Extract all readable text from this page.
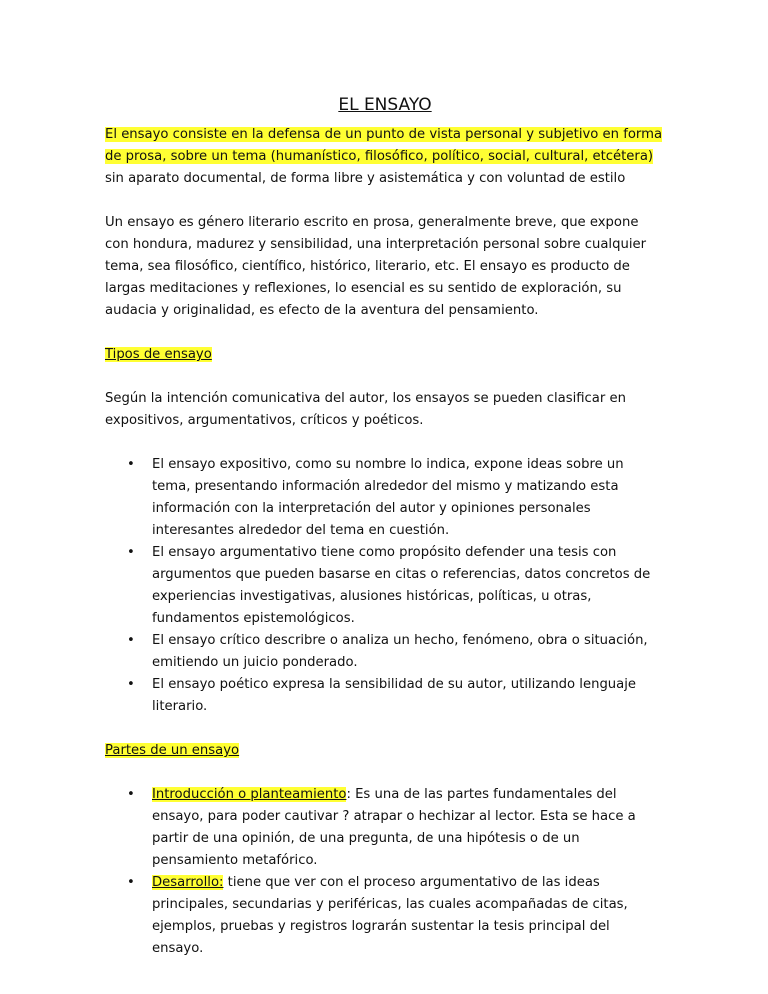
EL ENSAYO

El ensayo consiste en la defensa de un punto de vista personal y subjetivo en forma de prosa, sobre un tema (humanístico, filosófico, político, social, cultural, etcétera) sin aparato documental, de forma libre y asistemática y con voluntad de estilo

Un ensayo es género literario escrito en prosa, generalmente breve, que expone con hondura, madurez y sensibilidad, una interpretación personal sobre cualquier tema, sea filosófico, científico, histórico, literario, etc. El ensayo es producto de largas meditaciones y reflexiones, lo esencial es su sentido de exploración, su audacia y originalidad, es efecto de la aventura del pensamiento.

Tipos de ensayo

Según la intención comunicativa del autor, los ensayos se pueden clasificar en expositivos, argumentativos, críticos y poéticos.

• El ensayo expositivo, como su nombre lo indica, expone ideas sobre un tema, presentando información alrededor del mismo y matizando esta información con la interpretación del autor y opiniones personales interesantes alrededor del tema en cuestión.
• El ensayo argumentativo tiene como propósito defender una tesis con argumentos que pueden basarse en citas o referencias, datos concretos de experiencias investigativas, alusiones históricas, políticas, u otras, fundamentos epistemológicos.
• El ensayo crítico describre o analiza un hecho, fenómeno, obra o situación, emitiendo un juicio ponderado.
• El ensayo poético expresa la sensibilidad de su autor, utilizando lenguaje literario.

Partes de un ensayo

• Introducción o planteamiento: Es una de las partes fundamentales del ensayo, para poder cautivar ? atrapar o hechizar al lector. Esta se hace a partir de una opinión, de una pregunta, de una hipótesis o de un pensamiento metafórico.
• Desarrollo: tiene que ver con el proceso argumentativo de las ideas principales, secundarias y periféricas, las cuales acompañadas de citas, ejemplos, pruebas y registros lograrán sustentar la tesis principal del ensayo.
